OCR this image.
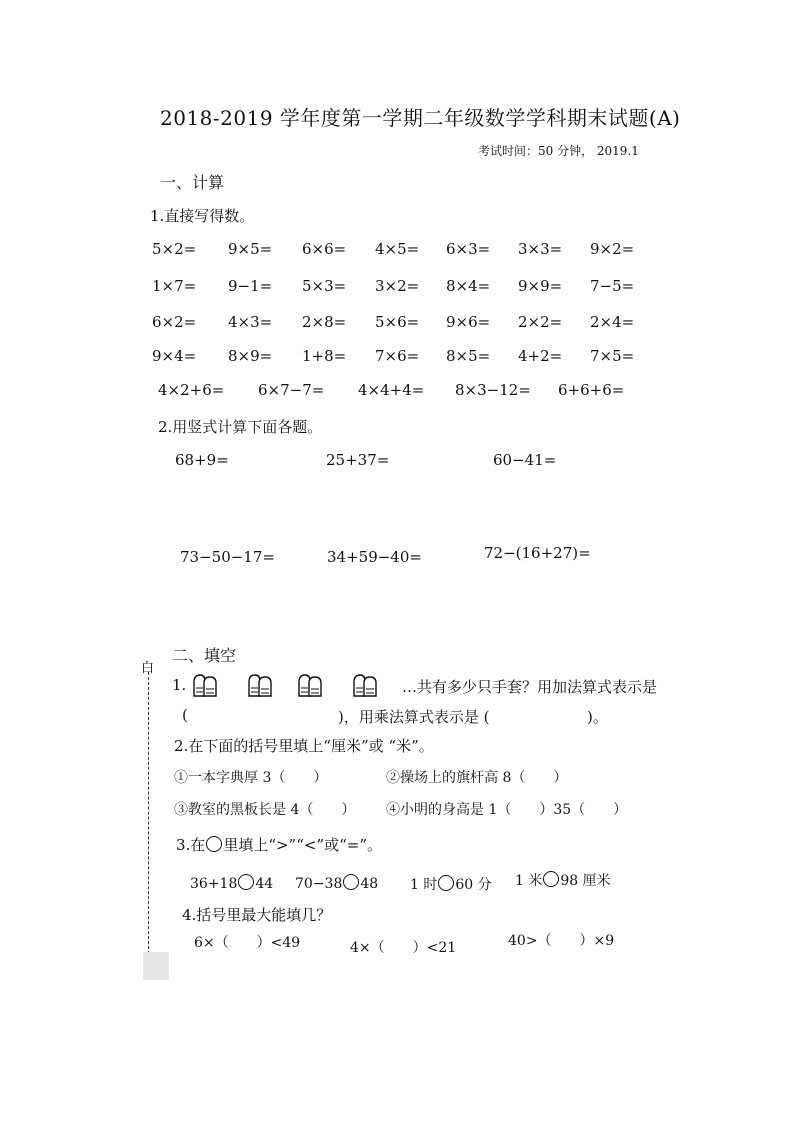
2018-2019 学年度第一学期二年级数学学科期末试题(A)
考试时间：50 分钟， 2019.1
一、计算
1.直接写得数。
5×2= 9×5= 6×6= 4×5= 6×3= 3×3= 9×2=
1×7= 9−1= 5×3= 3×2= 8×4= 9×9= 7−5=
6×2= 4×3= 2×8= 5×6= 9×6= 2×2= 2×4=
9×4= 8×9= 1+8= 7×6= 8×5= 4+2= 7×5=
4×2+6= 6×7−7= 4×4+4= 8×3−12= 6+6+6=
2.用竖式计算下面各题。
68+9=	25+37=	60−41=
73−50−17=	34+59−40=	72−(16+27)=
白
二、填空
1.	…共有多少只手套？用加法算式表示是
(	)，用乘法算式表示是 (	)。
2.在下面的括号里填上“厘米”或 “米”。
①一本字典厚 3（　　）	②操场上的旗杆高 8（　　）
③教室的黑板长是 4（　　） ④小明的身高是 1（　　）35（　　）
3.在 里填上“>”“<”或“=”。
36+18 44 70−38 48 1 时 60 分 1 米 98 厘米
4.括号里最大能填几？
6×（　　）<49	4×（　　）<21	40>（　　）×9
